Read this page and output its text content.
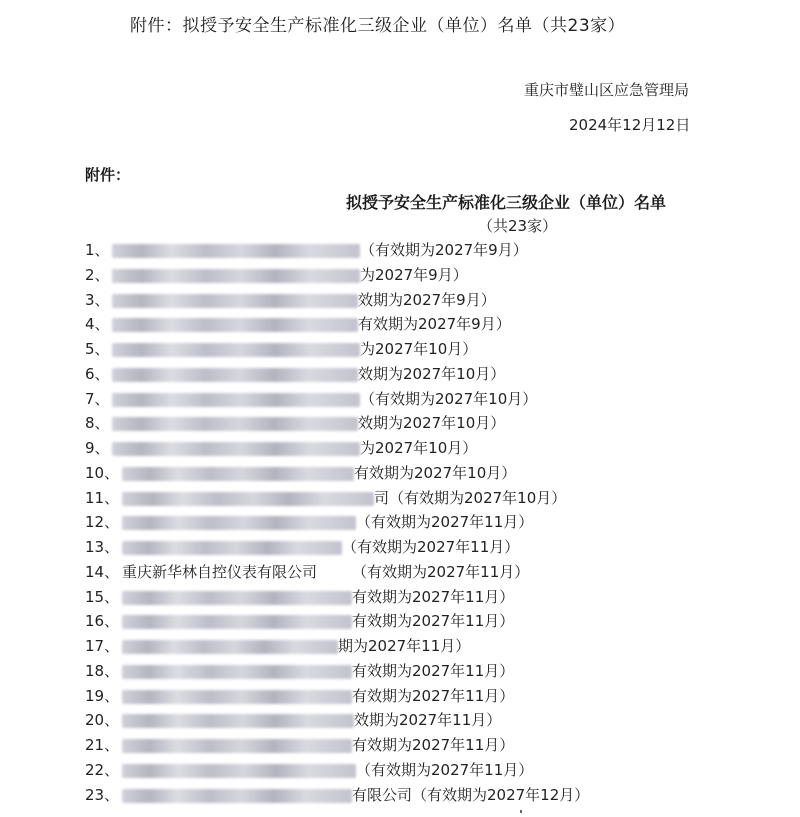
附件：拟授予安全生产标准化三级企业（单位）名单（共23家）
重庆市璧山区应急管理局
2024年12月12日
附件：
拟授予安全生产标准化三级企业（单位）名单
（共23家）
1、	（有效期为2027年9月）
2、	为2027年9月）
3、	效期为2027年9月）
4、	有效期为2027年9月）
5、	为2027年10月）
6、	效期为2027年10月）
7、	（有效期为2027年10月）
8、	效期为2027年10月）
9、	为2027年10月）
10、	有效期为2027年10月）
11、	司（有效期为2027年10月）
12、	（有效期为2027年11月）
13、	（有效期为2027年11月）
14、 重庆新华林自控仪表有限公司 （有效期为2027年11月）
15、	有效期为2027年11月）
16、	有效期为2027年11月）
17、	期为2027年11月）
18、	有效期为2027年11月）
19、	有效期为2027年11月）
20、	效期为2027年11月）
21、	有效期为2027年11月）
22、	（有效期为2027年11月）
23、	有限公司（有效期为2027年12月）
